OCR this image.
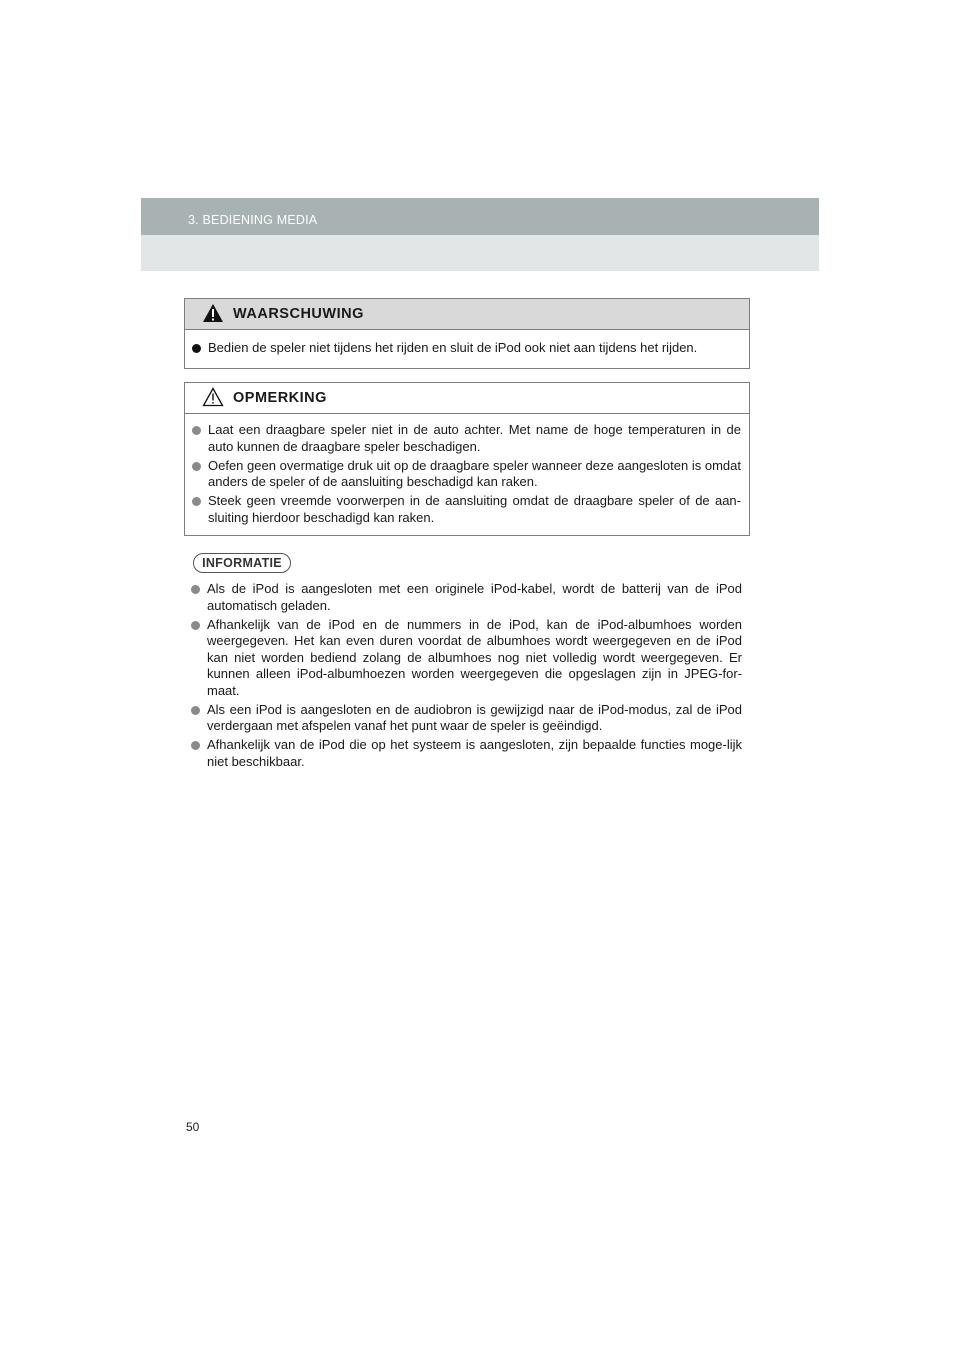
3. BEDIENING MEDIA
WAARSCHUWING
Bedien de speler niet tijdens het rijden en sluit de iPod ook niet aan tijdens het rijden.
OPMERKING
Laat een draagbare speler niet in de auto achter. Met name de hoge temperaturen in de auto kunnen de draagbare speler beschadigen.
Oefen geen overmatige druk uit op de draagbare speler wanneer deze aangesloten is omdat anders de speler of de aansluiting beschadigd kan raken.
Steek geen vreemde voorwerpen in de aansluiting omdat de draagbare speler of de aan-sluiting hierdoor beschadigd kan raken.
INFORMATIE
Als de iPod is aangesloten met een originele iPod-kabel, wordt de batterij van de iPod automatisch geladen.
Afhankelijk van de iPod en de nummers in de iPod, kan de iPod-albumhoes worden weergegeven. Het kan even duren voordat de albumhoes wordt weergegeven en de iPod kan niet worden bediend zolang de albumhoes nog niet volledig wordt weergegeven. Er kunnen alleen iPod-albumhoezen worden weergegeven die opgeslagen zijn in JPEG-for-maat.
Als een iPod is aangesloten en de audiobron is gewijzigd naar de iPod-modus, zal de iPod verdergaan met afspelen vanaf het punt waar de speler is geëindigd.
Afhankelijk van de iPod die op het systeem is aangesloten, zijn bepaalde functies moge-lijk niet beschikbaar.
50
